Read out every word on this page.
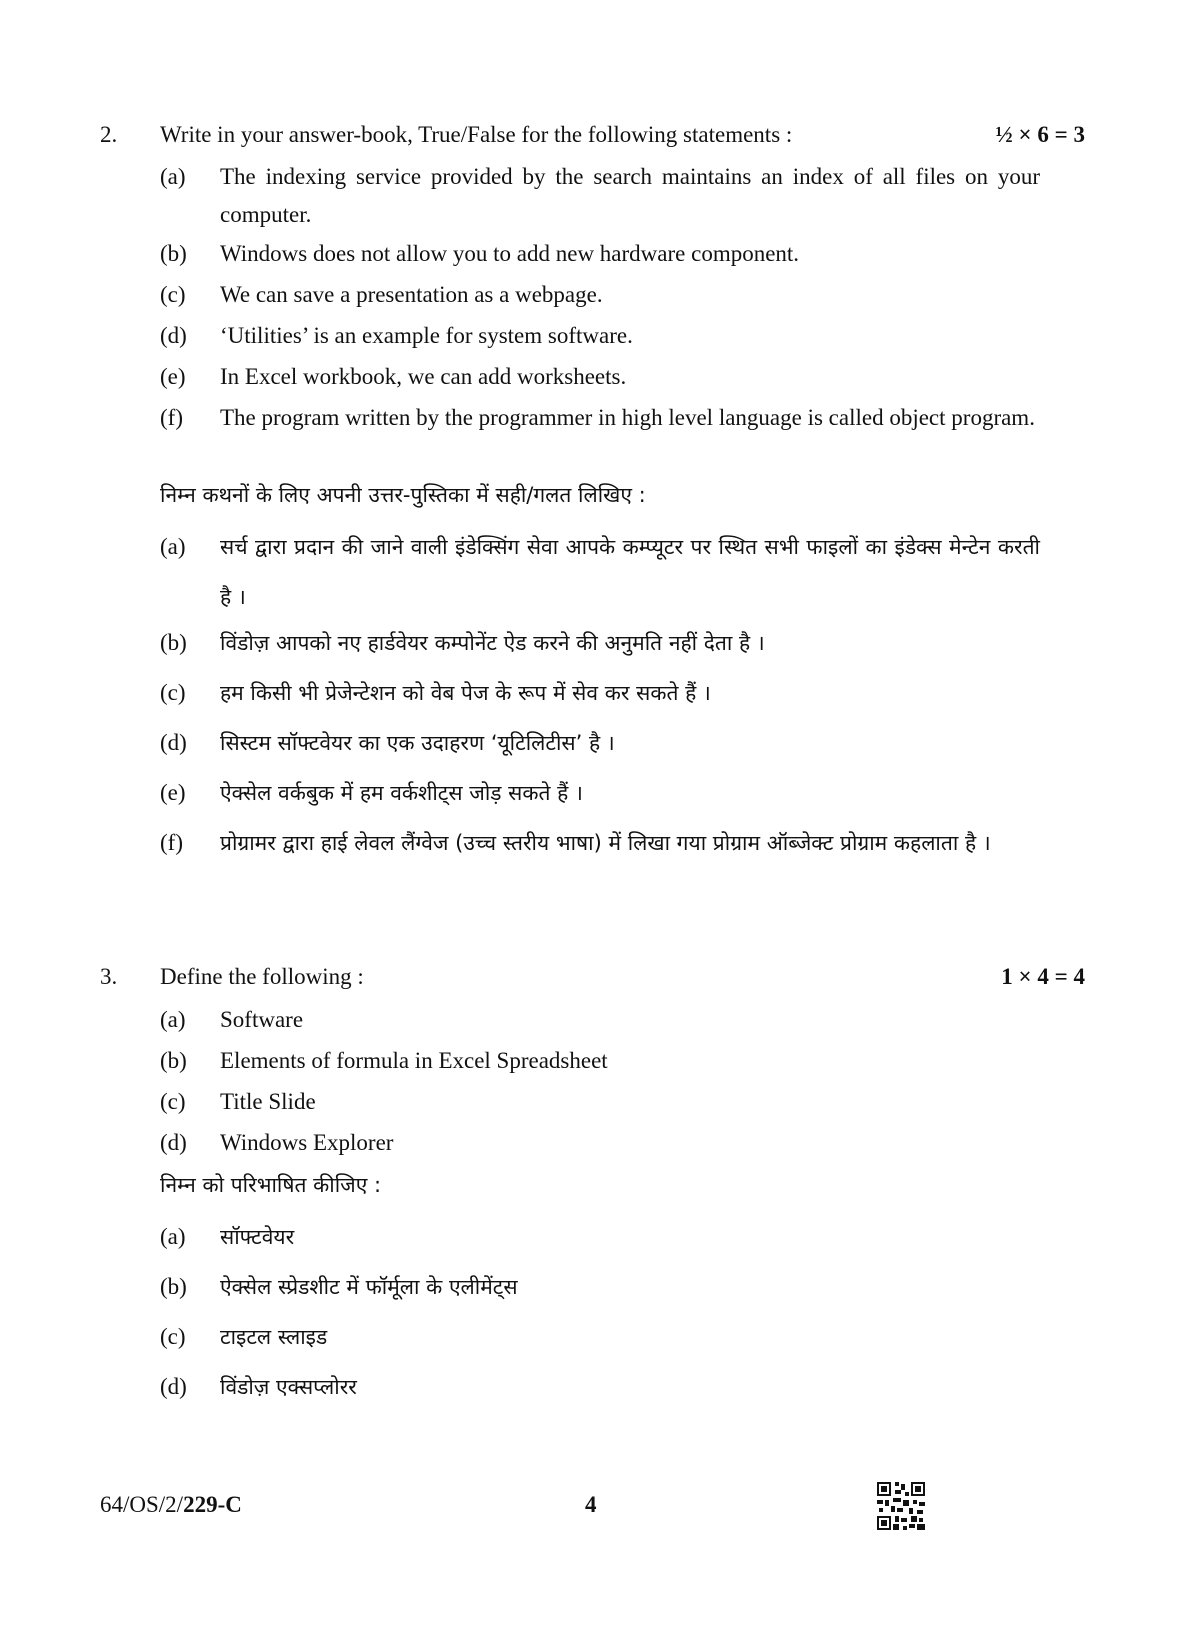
2. Write in your answer-book, True/False for the following statements :	½ × 6 = 3
(a) The indexing service provided by the search maintains an index of all files on your computer.
(b) Windows does not allow you to add new hardware component.
(c) We can save a presentation as a webpage.
(d) ‘Utilities’ is an example for system software.
(e) In Excel workbook, we can add worksheets.
(f) The program written by the programmer in high level language is called object program.
निम्न कथनों के लिए अपनी उत्तर-पुस्तिका में सही/गलत लिखिए :
(a) सर्च द्वारा प्रदान की जाने वाली इंडेक्सिंग सेवा आपके कम्प्यूटर पर स्थित सभी फाइलों का इंडेक्स मेन्टेन करती है ।
(b) विंडोज़ आपको नए हार्डवेयर कम्पोनेंट ऐड करने की अनुमति नहीं देता है ।
(c) हम किसी भी प्रेजेन्टेशन को वेब पेज के रूप में सेव कर सकते हैं ।
(d) सिस्टम सॉफ्टवेयर का एक उदाहरण ‘यूटिलिटीस’ है ।
(e) ऐक्सेल वर्कबुक में हम वर्कशीट्स जोड़ सकते हैं ।
(f) प्रोग्रामर द्वारा हाई लेवल लैंग्वेज (उच्च स्तरीय भाषा) में लिखा गया प्रोग्राम ऑब्जेक्ट प्रोग्राम कहलाता है ।
3. Define the following :	1 × 4 = 4
(a) Software
(b) Elements of formula in Excel Spreadsheet
(c) Title Slide
(d) Windows Explorer
निम्न को परिभाषित कीजिए :
(a) सॉफ्टवेयर
(b) ऐक्सेल स्प्रेडशीट में फॉर्मूला के एलीमेंट्स
(c) टाइटल स्लाइड
(d) विंडोज़ एक्सप्लोरर
64/OS/2/229-C	4
